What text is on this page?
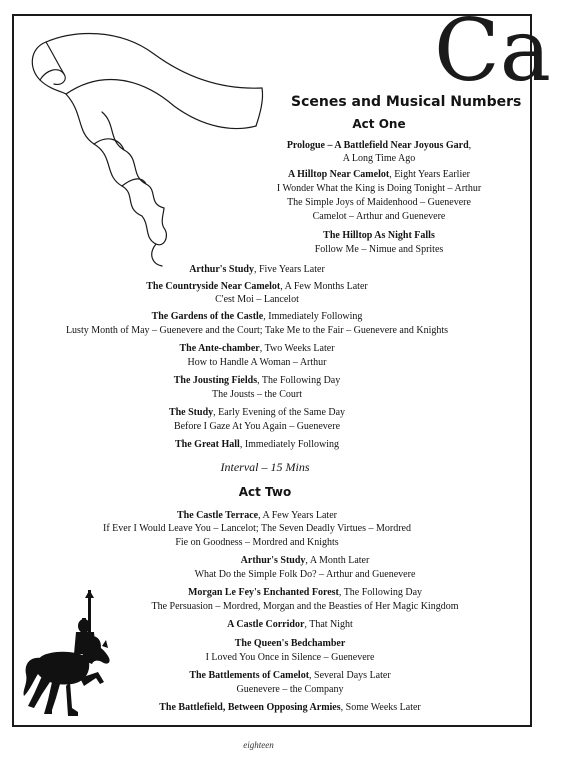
Ca
Scenes and Musical Numbers
Act One
Interval – 15 Mins
Act Two
eighteen
Prologue – A Battlefield Near Joyous Gard,
A Long Time Ago
A Hilltop Near Camelot, Eight Years Earlier
I Wonder What the King is Doing Tonight – Arthur
The Simple Joys of Maidenhood – Guenevere
Camelot – Arthur and Guenevere
The Hilltop As Night Falls
Follow Me – Nimue and Sprites
Arthur's Study, Five Years Later
The Countryside Near Camelot, A Few Months Later
C'est Moi – Lancelot
The Gardens of the Castle, Immediately Following
Lusty Month of May – Guenevere and the Court; Take Me to the Fair – Guenevere and Knights
The Ante-chamber, Two Weeks Later
How to Handle A Woman – Arthur
The Jousting Fields, The Following Day
The Jousts – the Court
The Study, Early Evening of the Same Day
Before I Gaze At You Again – Guenevere
The Great Hall, Immediately Following
The Castle Terrace, A Few Years Later
If Ever I Would Leave You – Lancelot; The Seven Deadly Virtues – Mordred
Fie on Goodness – Mordred and Knights
Arthur's Study, A Month Later
What Do the Simple Folk Do? – Arthur and Guenevere
Morgan Le Fey's Enchanted Forest, The Following Day
The Persuasion – Mordred, Morgan and the Beasties of Her Magic Kingdom
A Castle Corridor, That Night
The Queen's Bedchamber
I Loved You Once in Silence – Guenevere
The Battlements of Camelot, Several Days Later
Guenevere – the Company
The Battlefield, Between Opposing Armies, Some Weeks Later
